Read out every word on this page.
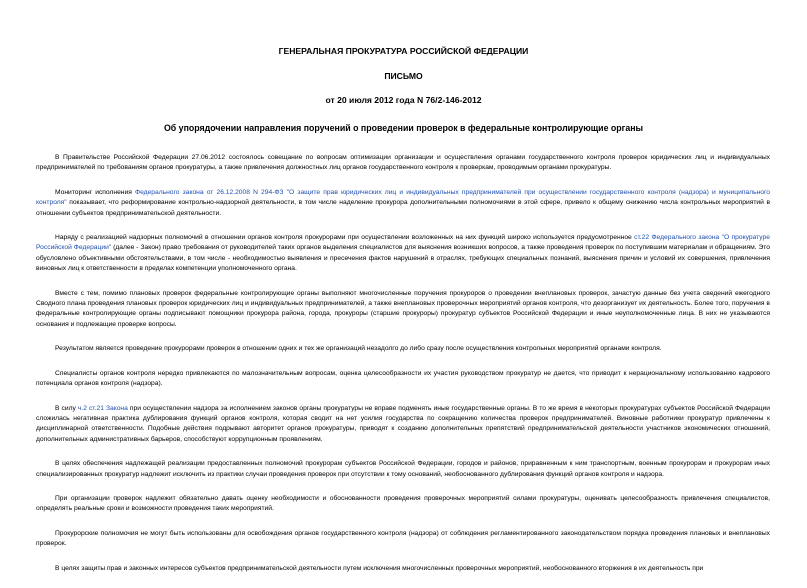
ГЕНЕРАЛЬНАЯ ПРОКУРАТУРА РОССИЙСКОЙ ФЕДЕРАЦИИ
ПИСЬМО
от 20 июля 2012 года N 76/2-146-2012
Об упорядочении направления поручений о проведении проверок в федеральные контролирующие органы

В Правительстве Российской Федерации 27.06.2012 состоялось совещание по вопросам оптимизации организации и осуществления органами государственного контроля проверок юридических лиц и индивидуальных предпринимателей по требованиям органов прокуратуры, а также привлечения должностных лиц органов государственного контроля к проверкам, проводимым органами прокуратуры.

Мониторинг исполнения Федерального закона от 26.12.2008 N 294-ФЗ "О защите прав юридических лиц и индивидуальных предпринимателей при осуществлении государственного контроля (надзора) и муниципального контроля" показывает, что реформирование контрольно-надзорной деятельности, в том числе наделение прокурора дополнительными полномочиями в этой сфере, привело к общему снижению числа контрольных мероприятий в отношении субъектов предпринимательской деятельности.

Наряду с реализацией надзорных полномочий в отношении органов контроля прокурорами при осуществлении возложенных на них функций широко используется предусмотренное ст.22 Федерального закона "О прокуратуре Российской Федерации" (далее - Закон) право требования от руководителей таких органов выделения специалистов для выяснения возникших вопросов, а также проведения проверок по поступившим материалам и обращениям. Это обусловлено объективными обстоятельствами, в том числе - необходимостью выявления и пресечения фактов нарушений в отраслях, требующих специальных познаний, выяснения причин и условий их совершения, привлечения виновных лиц к ответственности в пределах компетенции уполномоченного органа.

Вместе с тем, помимо плановых проверок федеральные контролирующие органы выполняют многочисленные поручения прокуроров о проведении внеплановых проверок, зачастую данные без учета сведений ежегодного Сводного плана проведения плановых проверок юридических лиц и индивидуальных предпринимателей, а также внеплановых проверочных мероприятий органов контроля, что дезорганизует их деятельность. Более того, поручения в федеральные контролирующие органы подписывают помощники прокурора района, города, прокуроры (старшие прокуроры) прокуратур субъектов Российской Федерации и иные неуполномоченные лица. В них не указываются основания и подлежащие проверке вопросы.

Результатом является проведение прокурорами проверок в отношении одних и тех же организаций незадолго до либо сразу после осуществления контрольных мероприятий органами контроля.

Специалисты органов контроля нередко привлекаются по малозначительным вопросам, оценка целесообразности их участия руководством прокуратур не дается, что приводит к нерациональному использованию кадрового потенциала органов контроля (надзора).

В силу ч.2 ст.21 Закона при осуществлении надзора за исполнением законов органы прокуратуры не вправе подменять иные государственные органы. В то же время в некоторых прокуратурах субъектов Российской Федерации сложилась негативная практика дублирования функций органов контроля, которая сводит на нет усилия государства по сокращению количества проверок предпринимателей. Виновные работники прокуратур привлечены к дисциплинарной ответственности. Подобные действия подрывают авторитет органов прокуратуры, приводят к созданию дополнительных препятствий предпринимательской деятельности участников экономических отношений, дополнительных административных барьеров, способствуют коррупционным проявлениям.

В целях обеспечения надлежащей реализации предоставленных полномочий прокурорам субъектов Российской Федерации, городов и районов, приравненным к ним транспортным, военным прокурорам и прокурорам иных специализированных прокуратур надлежит исключить из практики случаи проведения проверок при отсутствии к тому оснований, необоснованного дублирования функций органов контроля и надзора.

При организации проверок надлежит обязательно давать оценку необходимости и обоснованности проведения проверочных мероприятий силами прокуратуры, оценивать целесообразность привлечения специалистов, определять реальные сроки и возможности проведения таких мероприятий.

Прокурорские полномочия не могут быть использованы для освобождения органов государственного контроля (надзора) от соблюдения регламентированного законодательством порядка проведения плановых и внеплановых проверок.

В целях защиты прав и законных интересов субъектов предпринимательской деятельности путем исключения многочисленных проверочных мероприятий, необоснованного вторжения в их деятельность при
